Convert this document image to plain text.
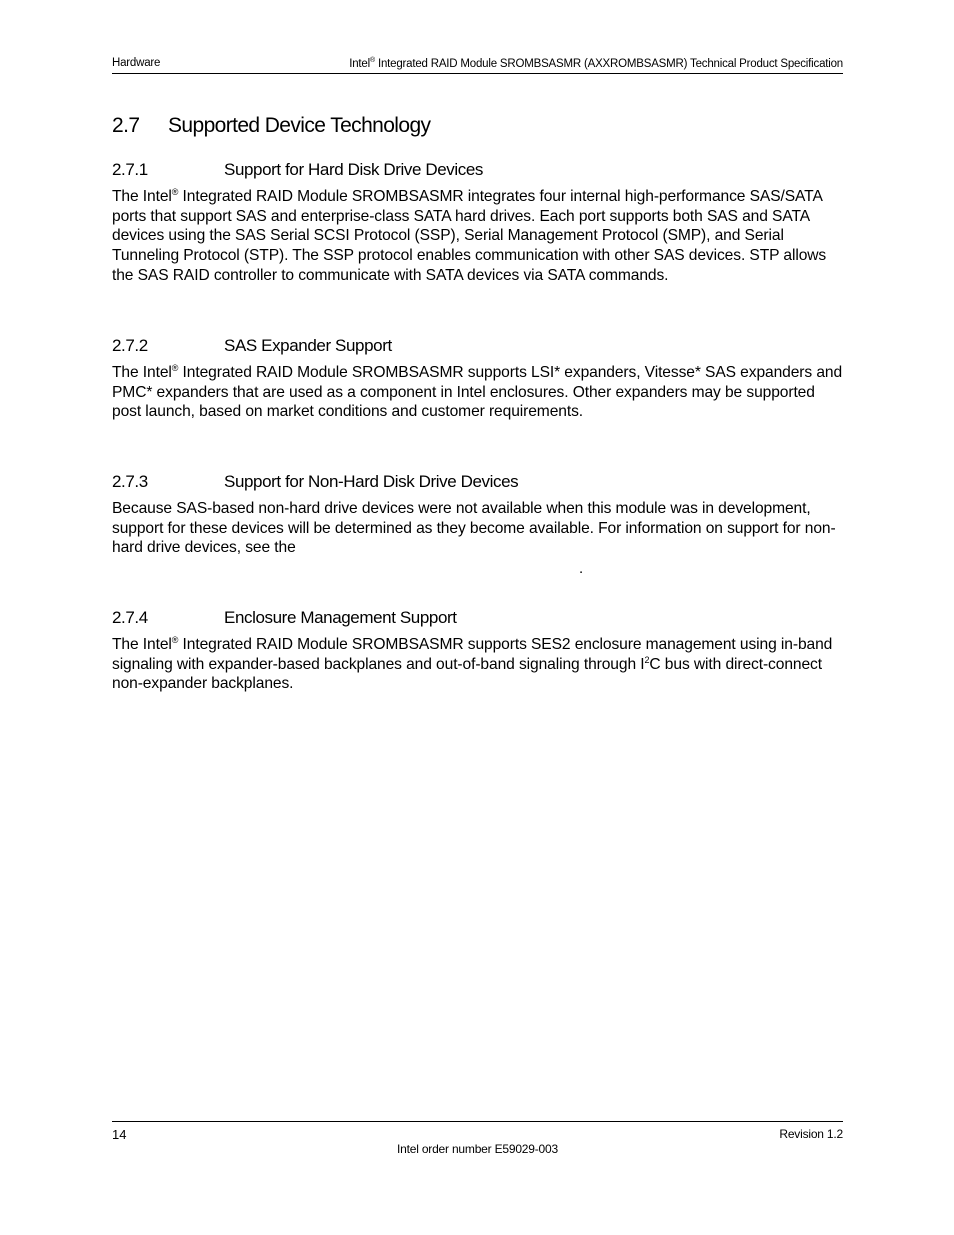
Hardware	Intel® Integrated RAID Module SROMBSASMR (AXXROMBSASMR) Technical Product Specification
2.7 Supported Device Technology
2.7.1	Support for Hard Disk Drive Devices

The Intel® Integrated RAID Module SROMBSASMR integrates four internal high-performance SAS/SATA ports that support SAS and enterprise-class SATA hard drives. Each port supports both SAS and SATA devices using the SAS Serial SCSI Protocol (SSP), Serial Management Protocol (SMP), and Serial Tunneling Protocol (STP). The SSP protocol enables communication with other SAS devices. STP allows the SAS RAID controller to communicate with SATA devices via SATA commands.

2.7.2	SAS Expander Support

The Intel® Integrated RAID Module SROMBSASMR supports LSI* expanders, Vitesse* SAS expanders and PMC* expanders that are used as a component in Intel enclosures. Other expanders may be supported post launch, based on market conditions and customer requirements.

2.7.3	Support for Non-Hard Disk Drive Devices

Because SAS-based non-hard drive devices were not available when this module was in development, support for these devices will be determined as they become available. For information on support for non-hard drive devices, see the

.
2.7.4	Enclosure Management Support

The Intel® Integrated RAID Module SROMBSASMR supports SES2 enclosure management using in-band signaling with expander-based backplanes and out-of-band signaling through $I^2C$ bus with direct-connect non-expander backplanes.

14	Revision 1.2
Intel order number E59029-003
